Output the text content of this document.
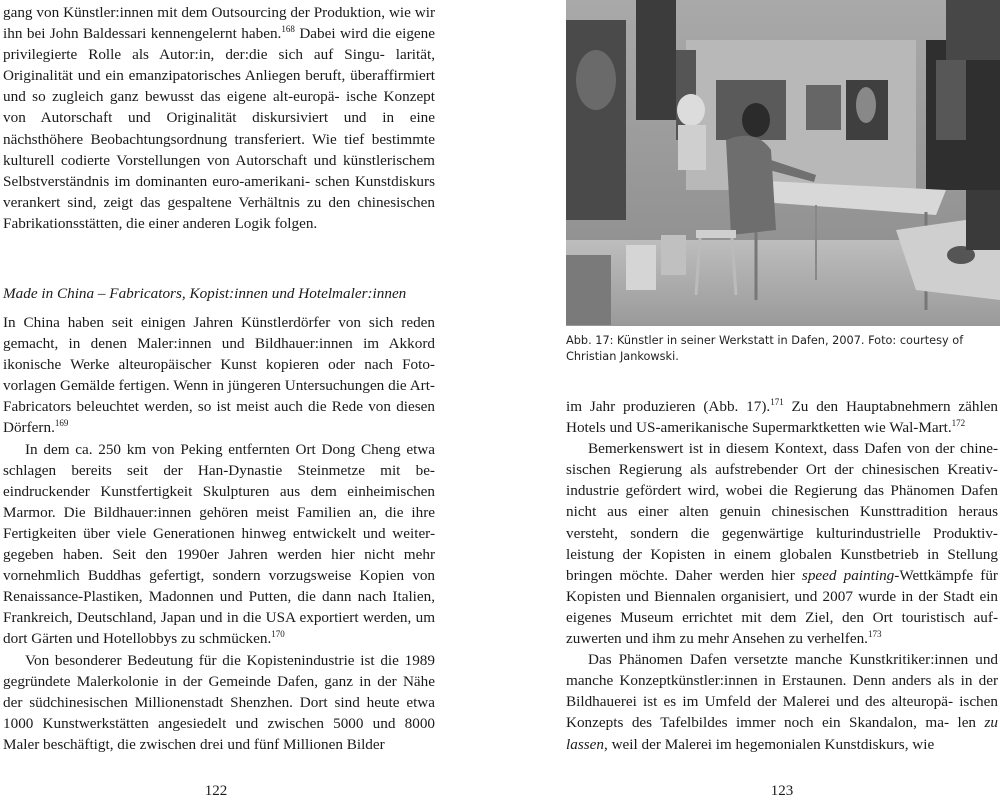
gang von Künstler:innen mit dem Outsourcing der Produktion, wie wir ihn bei John Baldessari kennengelernt haben.$^{168}$ Dabei wird die eigene privilegierte Rolle als Autor:in, der:die sich auf Singu- larität, Originalität und ein emanzipatorisches Anliegen beruft, überaffirmiert und so zugleich ganz bewusst das eigene alt-europä- ische Konzept von Autorschaft und Originalität diskursiviert und in eine nächsthöhere Beobachtungsordnung transferiert. Wie tief bestimmte kulturell codierte Vorstellungen von Autorschaft und künstlerischem Selbstverständnis im dominanten euro-amerikani- schen Kunstdiskurs verankert sind, zeigt das gespaltene Verhältnis zu den chinesischen Fabrikationsstätten, die einer anderen Logik folgen.

Made in China – Fabricators, Kopist:innen und Hotelmaler:innen

In China haben seit einigen Jahren Künstlerdörfer von sich reden gemacht, in denen Maler:innen und Bildhauer:innen im Akkord ikonische Werke alteuropäischer Kunst kopieren oder nach Foto- vorlagen Gemälde fertigen. Wenn in jüngeren Untersuchungen die Art-Fabricators beleuchtet werden, so ist meist auch die Rede von diesen Dörfern.$^{169}$

In dem ca. 250 km von Peking entfernten Ort Dong Cheng etwa schlagen bereits seit der Han-Dynastie Steinmetze mit be- eindruckender Kunstfertigkeit Skulpturen aus dem einheimischen Marmor. Die Bildhauer:innen gehören meist Familien an, die ihre Fertigkeiten über viele Generationen hinweg entwickelt und weiter- gegeben haben. Seit den 1990er Jahren werden hier nicht mehr vornehmlich Buddhas gefertigt, sondern vorzugsweise Kopien von Renaissance-Plastiken, Madonnen und Putten, die dann nach Italien, Frankreich, Deutschland, Japan und in die USA exportiert werden, um dort Gärten und Hotellobbys zu schmücken.$^{170}$

Von besonderer Bedeutung für die Kopistenindustrie ist die 1989 gegründete Malerkolonie in der Gemeinde Dafen, ganz in der Nähe der südchinesischen Millionenstadt Shenzhen. Dort sind heute etwa 1000 Kunstwerkstätten angesiedelt und zwischen 5000 und 8000 Maler beschäftigt, die zwischen drei und fünf Millionen Bilder

122
Abb. 17: Künstler in seiner Werkstatt in Dafen, 2007. Foto: courtesy of Christian Jankowski.

im Jahr produzieren (Abb. 17).$^{171}$ Zu den Hauptabnehmern zählen Hotels und US-amerikanische Supermarktketten wie Wal-Mart.$^{172}$

Bemerkenswert ist in diesem Kontext, dass Dafen von der chine- sischen Regierung als aufstrebender Ort der chinesischen Kreativ- industrie gefördert wird, wobei die Regierung das Phänomen Dafen nicht aus einer alten genuin chinesischen Kunsttradition heraus versteht, sondern die gegenwärtige kulturindustrielle Produktiv- leistung der Kopisten in einem globalen Kunstbetrieb in Stellung bringen möchte. Daher werden hier speed painting-Wettkämpfe für Kopisten und Biennalen organisiert, und 2007 wurde in der Stadt ein eigenes Museum errichtet mit dem Ziel, den Ort touristisch auf- zuwerten und ihm zu mehr Ansehen zu verhelfen.$^{173}$

Das Phänomen Dafen versetzte manche Kunstkritiker:innen und manche Konzeptkünstler:innen in Erstaunen. Denn anders als in der Bildhauerei ist es im Umfeld der Malerei und des alteuropä- ischen Konzepts des Tafelbildes immer noch ein Skandalon, ma- len zu lassen, weil der Malerei im hegemonialen Kunstdiskurs, wie

123
